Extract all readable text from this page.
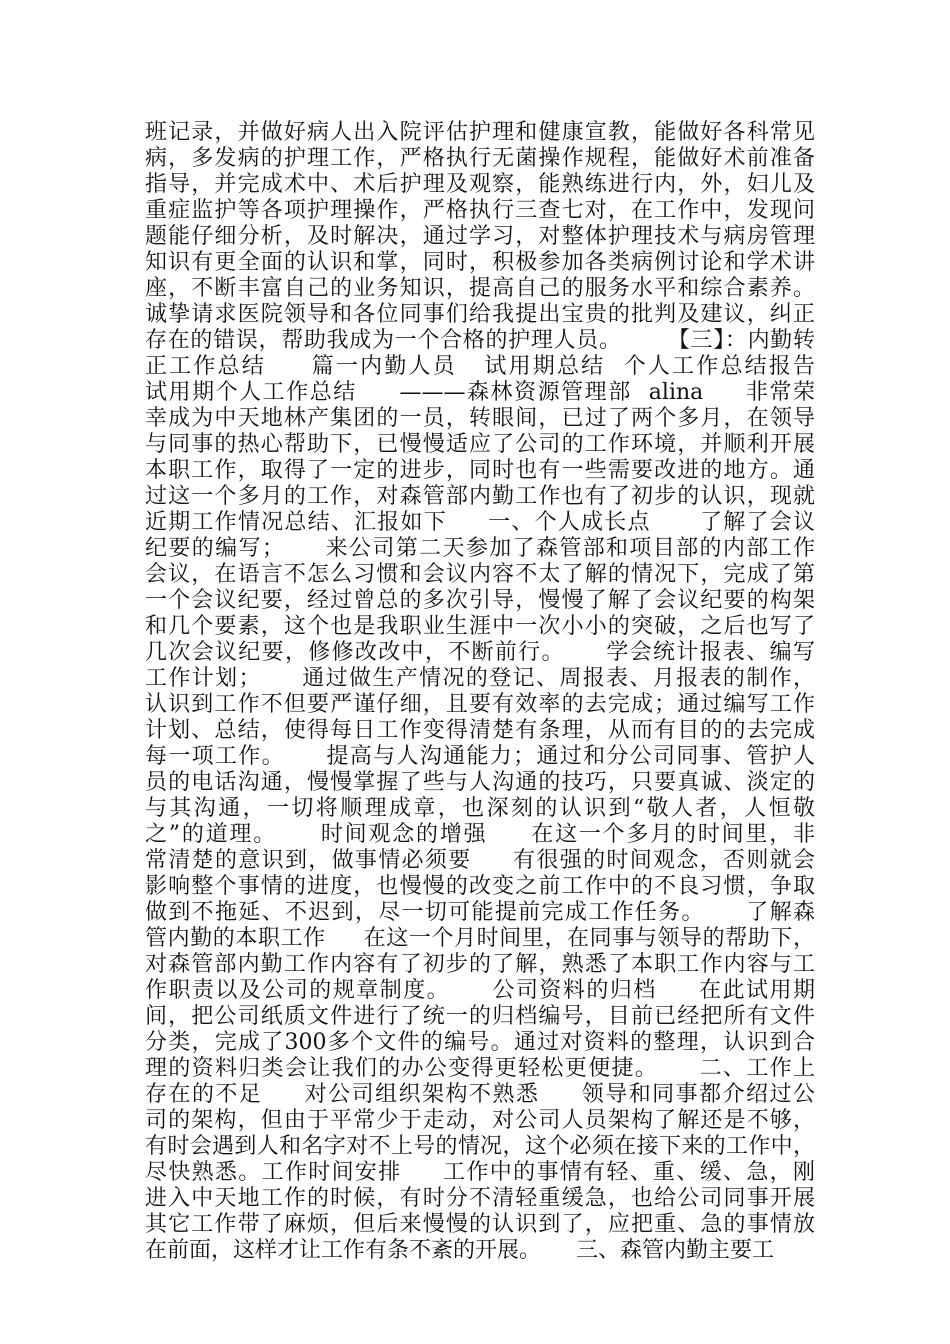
班记录，并做好病人出入院评估护理和健康宣教，能做好各科常见
病，多发病的护理工作，严格执行无菌操作规程，能做好术前准备
指导，并完成术中、术后护理及观察，能熟练进行内，外，妇儿及
重症监护等各项护理操作，严格执行三查七对，在工作中，发现问
题能仔细分析，及时解决，通过学习，对整体护理技术与病房管理
知识有更全面的认识和掌，同时，积极参加各类病例讨论和学术讲
座，不断丰富自己的业务知识，提高自己的服务水平和综合素养。
诚挚请求医院领导和各位同事们给我提出宝贵的批判及建议，纠正
存在的错误，帮助我成为一个合格的护理人员。      【三】：内勤转
正工作总结     篇一内勤人员   试用期总结  个人工作总结报告
试用期个人工作总结     ———森林资源管理部  alina     非常荣
幸成为中天地林产集团的一员，转眼间，已过了两个多月，在领导
与同事的热心帮助下，已慢慢适应了公司的工作环境，并顺利开展
本职工作，取得了一定的进步，同时也有一些需要改进的地方。通
过这一个多月的工作，对森管部内勤工作也有了初步的认识，现就
近期工作情况总结、汇报如下     一、个人成长点      了解了会议
纪要的编写；     来公司第二天参加了森管部和项目部的内部工作
会议，在语言不怎么习惯和会议内容不太了解的情况下，完成了第
一个会议纪要，经过曾总的多次引导，慢慢了解了会议纪要的构架
和几个要素，这个也是我职业生涯中一次小小的突破，之后也写了
几次会议纪要，修修改改中，不断前行。     学会统计报表、编写
工作计划；     通过做生产情况的登记、周报表、月报表的制作，
认识到工作不但要严谨仔细，且要有效率的去完成；通过编写工作
计划、总结，使得每日工作变得清楚有条理，从而有目的的去完成
每一项工作。     提高与人沟通能力；通过和分公司同事、管护人
员的电话沟通，慢慢掌握了些与人沟通的技巧，只要真诚、淡定的
与其沟通，一切将顺理成章，也深刻的认识到“敬人者，人恒敬
之”的道理。     时间观念的增强     在这一个多月的时间里，非
常清楚的意识到，做事情必须要     有很强的时间观念，否则就会
影响整个事情的进度，也慢慢的改变之前工作中的不良习惯，争取
做到不拖延、不迟到，尽一切可能提前完成工作任务。     了解森
管内勤的本职工作     在这一个月时间里，在同事与领导的帮助下，
对森管部内勤工作内容有了初步的了解，熟悉了本职工作内容与工
作职责以及公司的规章制度。     公司资料的归档     在此试用期
间，把公司纸质文件进行了统一的归档编号，目前已经把所有文件
分类，完成了300多个文件的编号。通过对资料的整理，认识到合
理的资料归类会让我们的办公变得更轻松更便捷。     二、工作上
存在的不足     对公司组织架构不熟悉     领导和同事都介绍过公
司的架构，但由于平常少于走动，对公司人员架构了解还是不够，
有时会遇到人和名字对不上号的情况，这个必须在接下来的工作中，
尽快熟悉。工作时间安排     工作中的事情有轻、重、缓、急，刚
进入中天地工作的时候，有时分不清轻重缓急，也给公司同事开展
其它工作带了麻烦，但后来慢慢的认识到了，应把重、急的事情放
在前面，这样才让工作有条不紊的开展。     三、森管内勤主要工
